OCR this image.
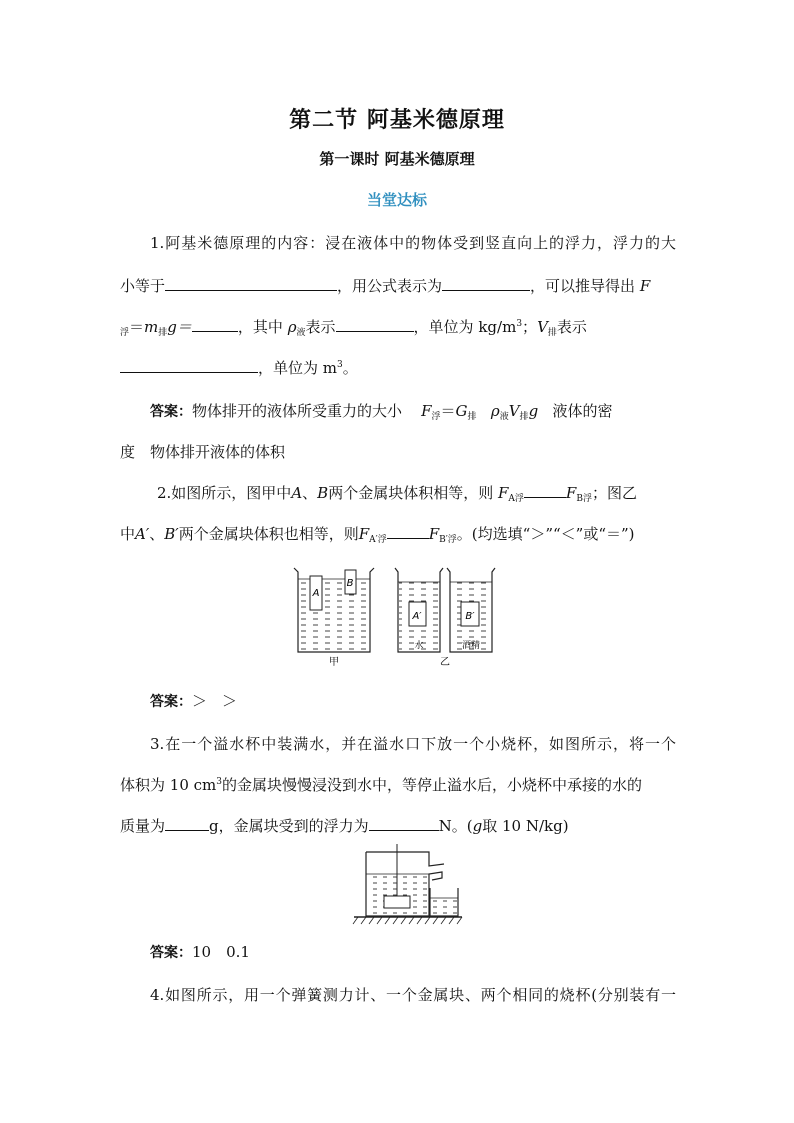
第二节 阿基米德原理
第一课时 阿基米德原理
当堂达标
1.阿基米德原理的内容：浸在液体中的物体受到竖直向上的浮力，浮力的大
小等于	，用公式表示为	，可以推导得出 F
$_浮=m_排g=$	，其中 $\rho_液$表示	，单位为 $kg/m^3$；$V_排$表示
，单位为 $m^3$。
答案：物体排开的液体所受重力的大小 $F_浮=G_排$ $\rho_液V_排g$ 液体的密
度　物体排开液体的体积
2.如图所示，图甲中A、B两个金属块体积相等，则 $F_{A浮}$	$F_{B浮}$；图乙
中A′、B′两个金属块体积也相等，则$F_{A'浮}$	$F_{B'浮}$。(均选填“＞”“＜”或“＝”)
A
B
甲
A′
水
B′
酒精
乙
答案：＞　＞
3.在一个溢水杯中装满水，并在溢水口下放一个小烧杯，如图所示，将一个
体积为 10 $cm^3$的金属块慢慢浸没到水中，等停止溢水后，小烧杯中承接的水的
质量为	g，金属块受到的浮力为	N。(g取 10 N/kg)
答案：10　0.1
4.如图所示，用一个弹簧测力计、一个金属块、两个相同的烧杯(分别装有一
